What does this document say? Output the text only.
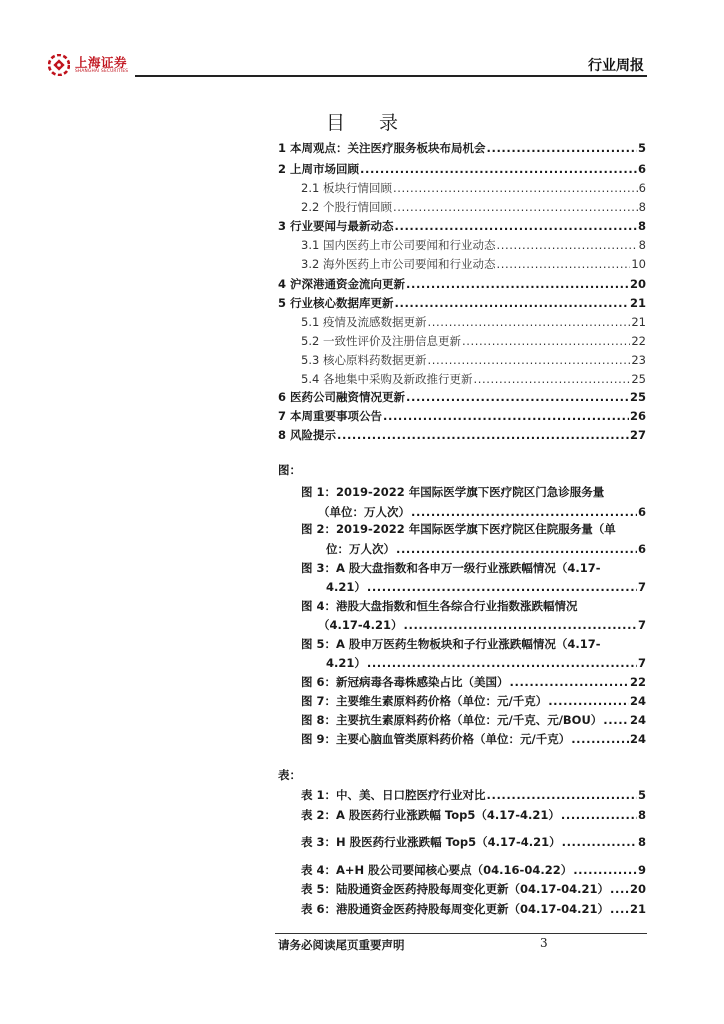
上海证券
SHANGHAI SECURITIES	行业周报
目 录
1 本周观点：关注医疗服务板块布局机会 .....	5
2 上周市场回顾 .....	6
2.1 板块行情回顾 .....	6
2.2 个股行情回顾 .....	8
3 行业要闻与最新动态 .....	8
3.1 国内医药上市公司要闻和行业动态 .....	8
3.2 海外医药上市公司要闻和行业动态 .....	10
4 沪深港通资金流向更新 .....	20
5 行业核心数据库更新 .....	21
5.1 疫情及流感数据更新 .....	21
5.2 一致性评价及注册信息更新 .....	22
5.3 核心原料药数据更新 .....	23
5.4 各地集中采购及新政推行更新 .....	25
6 医药公司融资情况更新 .....	25
7 本周重要事项公告 .....	26
8 风险提示 .....	27
图：
图 1：2019-2022 年国际医学旗下医疗院区门急诊服务量
（单位：万人次） .....	6
图 2：2019-2022 年国际医学旗下医疗院区住院服务量（单
位：万人次） .....	6
图 3：A 股大盘指数和各申万一级行业涨跌幅情况（4.17-
4.21） .....	7
图 4：港股大盘指数和恒生各综合行业指数涨跌幅情况
（4.17-4.21） .....	7
图 5：A 股申万医药生物板块和子行业涨跌幅情况（4.17-
4.21） .....	7
图 6：新冠病毒各毒株感染占比（美国） .....	22
图 7：主要维生素原料药价格（单位：元/千克） .....	24
图 8：主要抗生素原料药价格（单位：元/千克、元/BOU） ..... 24
图 9：主要心脑血管类原料药价格（单位：元/千克） .....	24
表：
表 1：中、美、日口腔医疗行业对比 .....	5
表 2：A 股医药行业涨跌幅 Top5（4.17-4.21） .....	8
表 3：H 股医药行业涨跌幅 Top5（4.17-4.21） .....	8
表 4：A+H 股公司要闻核心要点（04.16-04.22） .....	9
表 5：陆股通资金医药持股每周变化更新（04.17-04.21） ..... 20
表 6：港股通资金医药持股每周变化更新（04.17-04.21） ..... 21
请务必阅读尾页重要声明	3
